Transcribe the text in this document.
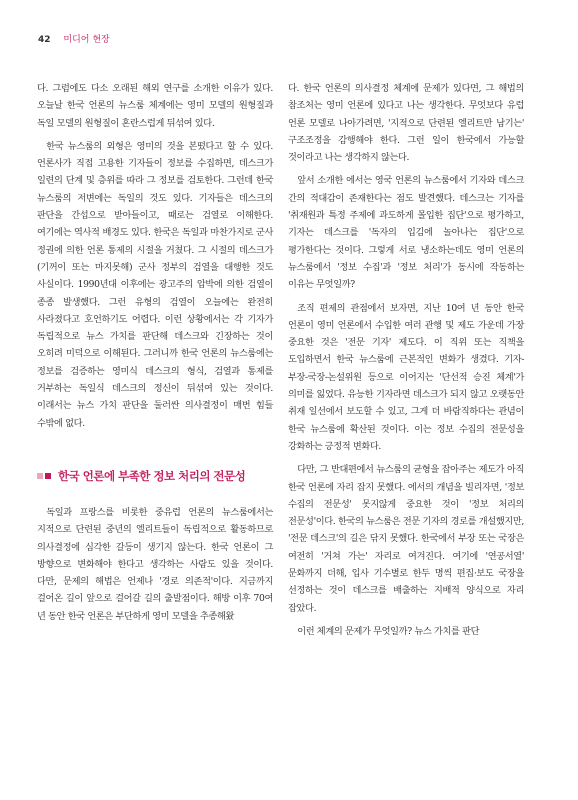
42 미디어 현장

다. 그럼에도 다소 오래된 해외 연구를 소개한 이유가 있다. 오늘날 한국 언론의 뉴스룸 체계에는 영미 모델의 원형질과 독일 모델의 원형질이 혼란스럽게 뒤섞여 있다.

한국 뉴스룸의 외형은 영미의 것을 본떴다고 할 수 있다. 언론사가 직접 고용한 기자들이 정보를 수집하면, 데스크가 일련의 단계 및 층위를 따라 그 정보를 검토한다. 그런데 한국 뉴스룸의 저변에는 독일의 것도 있다. 기자들은 데스크의 판단을 간섭으로 받아들이고, 때로는 검열로 이해한다. 여기에는 역사적 배경도 있다. 한국은 독일과 마찬가지로 군사 정권에 의한 언론 통제의 시절을 거쳤다. 그 시절의 데스크가 (기꺼이 또는 마지못해) 군사 정부의 검열을 대행한 것도 사실이다. 1990년대 이후에는 광고주의 압박에 의한 검열이 종종 발생했다. 그런 유형의 검열이 오늘에는 완전히 사라졌다고 호언하기도 어렵다. 이런 상황에서는 각 기자가 독립적으로 뉴스 가치를 판단해 데스크와 긴장하는 것이 오히려 미덕으로 이해된다. 그러니까 한국 언론의 뉴스룸에는 정보를 검증하는 영미식 데스크의 형식, 검열과 통제를 거부하는 독일식 데스크의 정신이 뒤섞여 있는 것이다. 이래서는 뉴스 가치 판단을 둘러싼 의사결정이 매번 힘들 수밖에 없다.

한국 언론에 부족한 정보 처리의 전문성

독일과 프랑스를 비롯한 중유럽 언론의 뉴스룸에서는 지적으로 단련된 중년의 엘리트들이 독립적으로 활동하므로 의사결정에 심각한 갈등이 생기지 않는다. 한국 언론이 그 방향으로 변화해야 한다고 생각하는 사람도 있을 것이다. 다만, 문제의 해법은 언제나 '경로 의존적'이다. 지금까지 걸어온 길이 앞으로 걸어갈 길의 출발점이다. 해방 이후 70여 년 동안 한국 언론은 부단하게 영미 모델을 추종해왔

다. 한국 언론의 의사결정 체계에 문제가 있다면, 그 해법의 참조처는 영미 언론에 있다고 나는 생각한다. 무엇보다 유럽 언론 모델로 나아가려면, '지적으로 단련된 엘리트만 남기는' 구조조정을 감행해야 한다. 그런 일이 한국에서 가능할 것이라고 나는 생각하지 않는다.

앞서 소개한 에서는 영국 언론의 뉴스룸에서 기자와 데스크 간의 적대감이 존재한다는 점도 발견했다. 데스크는 기자를 '취재원과 특정 주제에 과도하게 몰입한 집단'으로 평가하고, 기자는 데스크를 '독자의 입김에 놀아나는 집단'으로 평가한다는 것이다. 그렇게 서로 냉소하는데도 영미 언론의 뉴스룸에서 '정보 수집'과 '정보 처리'가 동시에 작동하는 이유는 무엇일까?

조직 편제의 관점에서 보자면, 지난 10여 년 동안 한국 언론이 영미 언론에서 수입한 여러 관행 및 제도 가운데 가장 중요한 것은 '전문 기자' 제도다. 이 직위 또는 직책을 도입하면서 한국 뉴스룸에 근본적인 변화가 생겼다. 기자-부장-국장-논설위원 등으로 이어지는 '단선적 승진 체계'가 의미를 잃었다. 유능한 기자라면 데스크가 되지 않고 오랫동안 취재 일선에서 보도할 수 있고, 그게 더 바람직하다는 관념이 한국 뉴스룸에 확산된 것이다. 이는 정보 수집의 전문성을 강화하는 긍정적 변화다.

다만, 그 반대편에서 뉴스룸의 균형을 잡아주는 제도가 아직 한국 언론에 자리 잡지 못했다. 에서의 개념을 빌리자면, '정보 수집의 전문성' 못지않게 중요한 것이 '정보 처리의 전문성'이다. 한국의 뉴스룸은 전문 기자의 경로를 개설했지만, '전문 데스크'의 길은 닦지 못했다. 한국에서 부장 또는 국장은 여전히 '거쳐 가는' 자리로 여겨진다. 여기에 '연공서열' 문화까지 더해, 입사 기수별로 한두 명씩 편집·보도 국장을 선정하는 것이 데스크를 배출하는 지배적 양식으로 자리 잡았다.

이런 체계의 문제가 무엇일까? 뉴스 가치를 판단
